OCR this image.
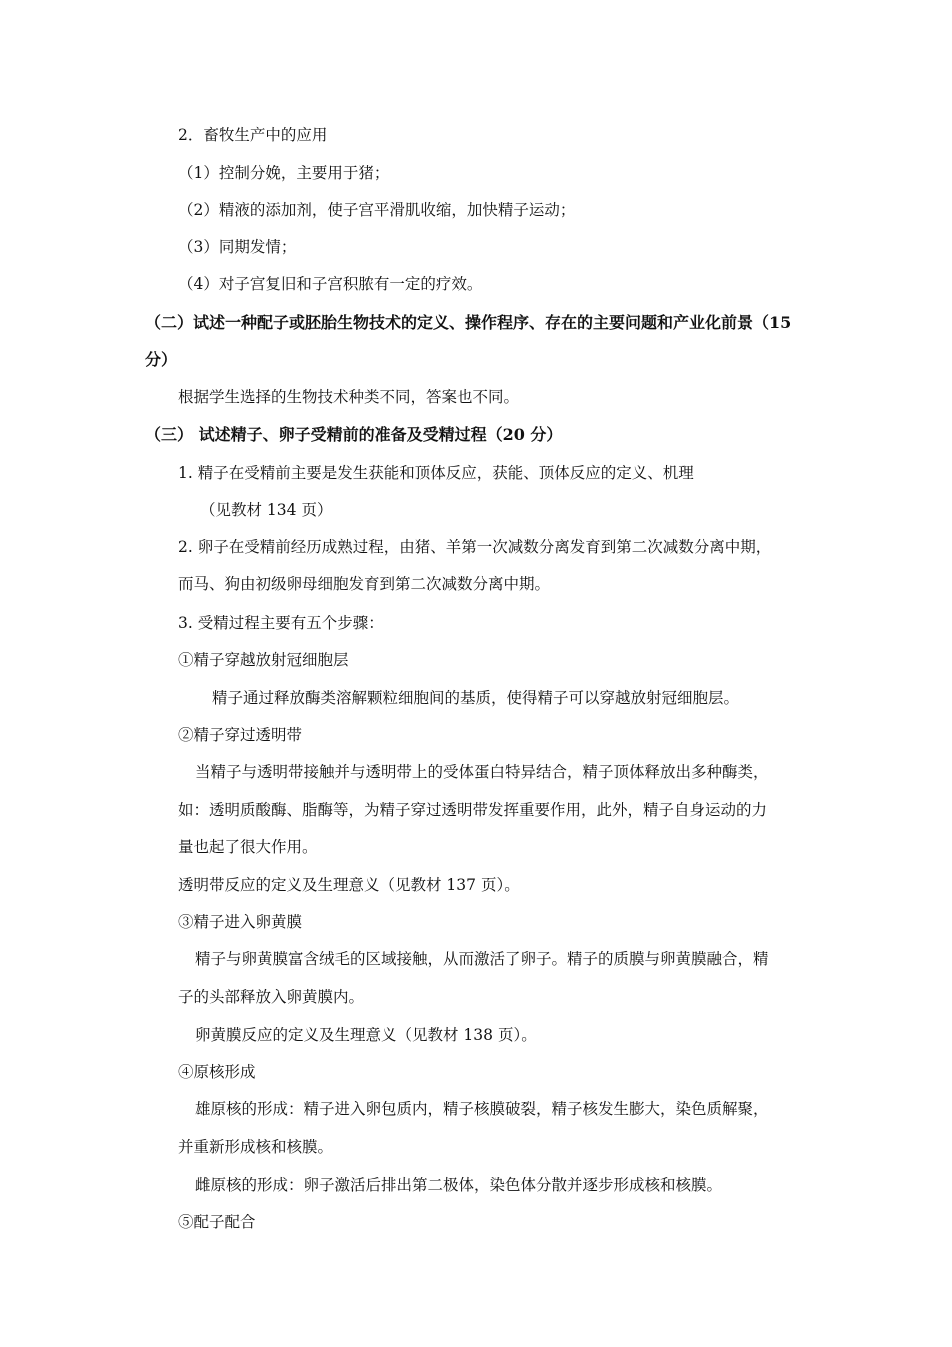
2．畜牧生产中的应用
（1）控制分娩，主要用于猪；
（2）精液的添加剂，使子宫平滑肌收缩，加快精子运动；
（3）同期发情；
（4）对子宫复旧和子宫积脓有一定的疗效。
（二）试述一种配子或胚胎生物技术的定义、操作程序、存在的主要问题和产业化前景（15
分）
根据学生选择的生物技术种类不同，答案也不同。
（三） 试述精子、卵子受精前的准备及受精过程（20 分）
1. 精子在受精前主要是发生获能和顶体反应，获能、顶体反应的定义、机理
（见教材 134 页）
2. 卵子在受精前经历成熟过程，由猪、羊第一次减数分离发育到第二次减数分离中期，
而马、狗由初级卵母细胞发育到第二次减数分离中期。
3. 受精过程主要有五个步骤：
①精子穿越放射冠细胞层
精子通过释放酶类溶解颗粒细胞间的基质，使得精子可以穿越放射冠细胞层。
②精子穿过透明带
当精子与透明带接触并与透明带上的受体蛋白特异结合，精子顶体释放出多种酶类，
如：透明质酸酶、脂酶等，为精子穿过透明带发挥重要作用，此外，精子自身运动的力
量也起了很大作用。
透明带反应的定义及生理意义（见教材 137 页）。
③精子进入卵黄膜
精子与卵黄膜富含绒毛的区域接触，从而激活了卵子。精子的质膜与卵黄膜融合，精
子的头部释放入卵黄膜内。
卵黄膜反应的定义及生理意义（见教材 138 页）。
④原核形成
雄原核的形成：精子进入卵包质内，精子核膜破裂，精子核发生膨大，染色质解聚，
并重新形成核和核膜。
雌原核的形成：卵子激活后排出第二极体，染色体分散并逐步形成核和核膜。
⑤配子配合
